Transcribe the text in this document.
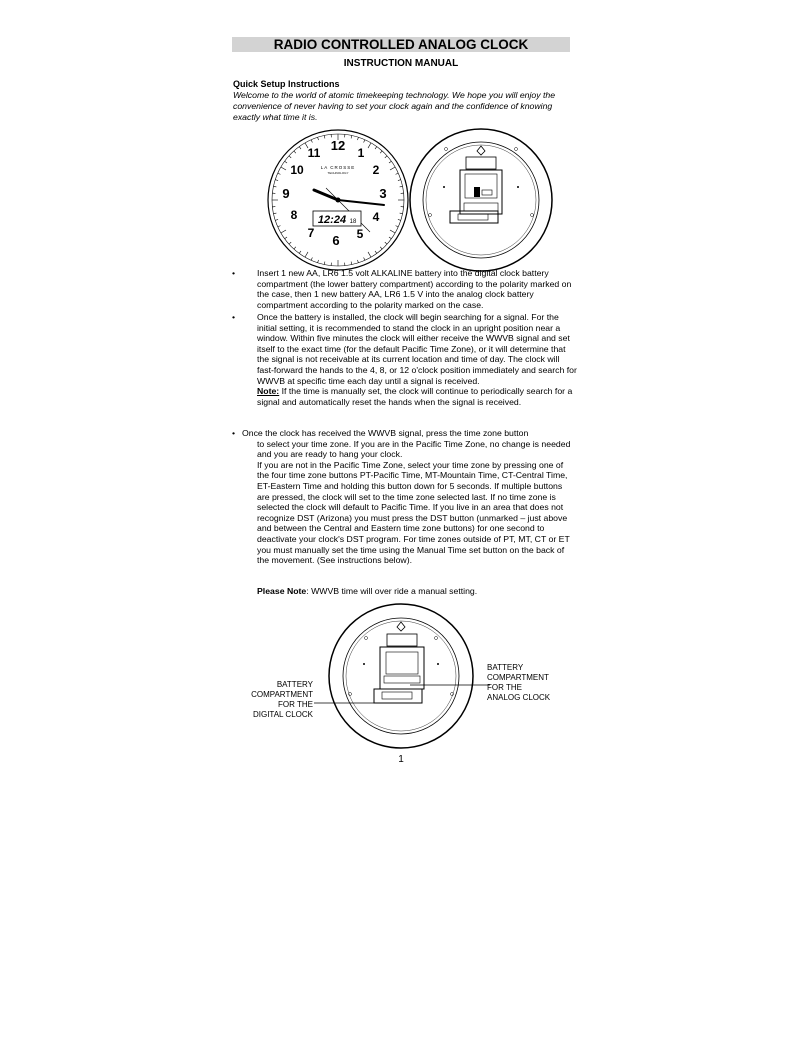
RADIO CONTROLLED ANALOG CLOCK
INSTRUCTION MANUAL
Quick Setup Instructions
Welcome to the world of atomic timekeeping technology. We hope you will enjoy the convenience of never having to set your clock again and the confidence of knowing exactly what time it is.
12 1
2
3
4
5
6
7
8
9
10
11
LA CROSSE
TECHNOLOGY
12:24 18
•	Insert 1 new AA, LR6 1.5 volt ALKALINE battery into the digital clock battery compartment (the lower battery compartment) according to the polarity marked on the case, then 1 new battery AA, LR6 1.5 V into the analog clock battery compartment according to the polarity marked on the case.
•	Once the battery is installed, the clock will begin searching for a signal. For the initial setting, it is recommended to stand the clock in an upright position near a window. Within five minutes the clock will either receive the WWVB signal and set itself to the exact time (for the default Pacific Time Zone), or it will determine that the signal is not receivable at its current location and time of day. The clock will fast-forward the hands to the 4, 8, or 12 o'clock position immediately and search for WWVB at specific time each day until a signal is received.
Note: If the time is manually set, the clock will continue to periodically search for a signal and automatically reset the hands when the signal is received.
• Once the clock has received the WWVB signal, press the time zone button
to select your time zone. If you are in the Pacific Time Zone, no change is needed and you are ready to hang your clock.
If you are not in the Pacific Time Zone, select your time zone by pressing one of the four time zone buttons PT-Pacific Time, MT-Mountain Time, CT-Central Time, ET-Eastern Time and holding this button down for 5 seconds. If multiple buttons are pressed, the clock will set to the time zone selected last. If no time zone is selected the clock will default to Pacific Time. If you live in an area that does not recognize DST (Arizona) you must press the DST button (unmarked – just above and between the Central and Eastern time zone buttons) for one second to deactivate your clock's DST program. For time zones outside of PT, MT, CT or ET you must manually set the time using the Manual Time set button on the back of the movement. (See instructions below).
Please Note: WWVB time will over ride a manual setting.
BATTERY
COMPARTMENT
FOR THE
DIGITAL CLOCK
BATTERY
COMPARTMENT
FOR THE
ANALOG CLOCK
1
